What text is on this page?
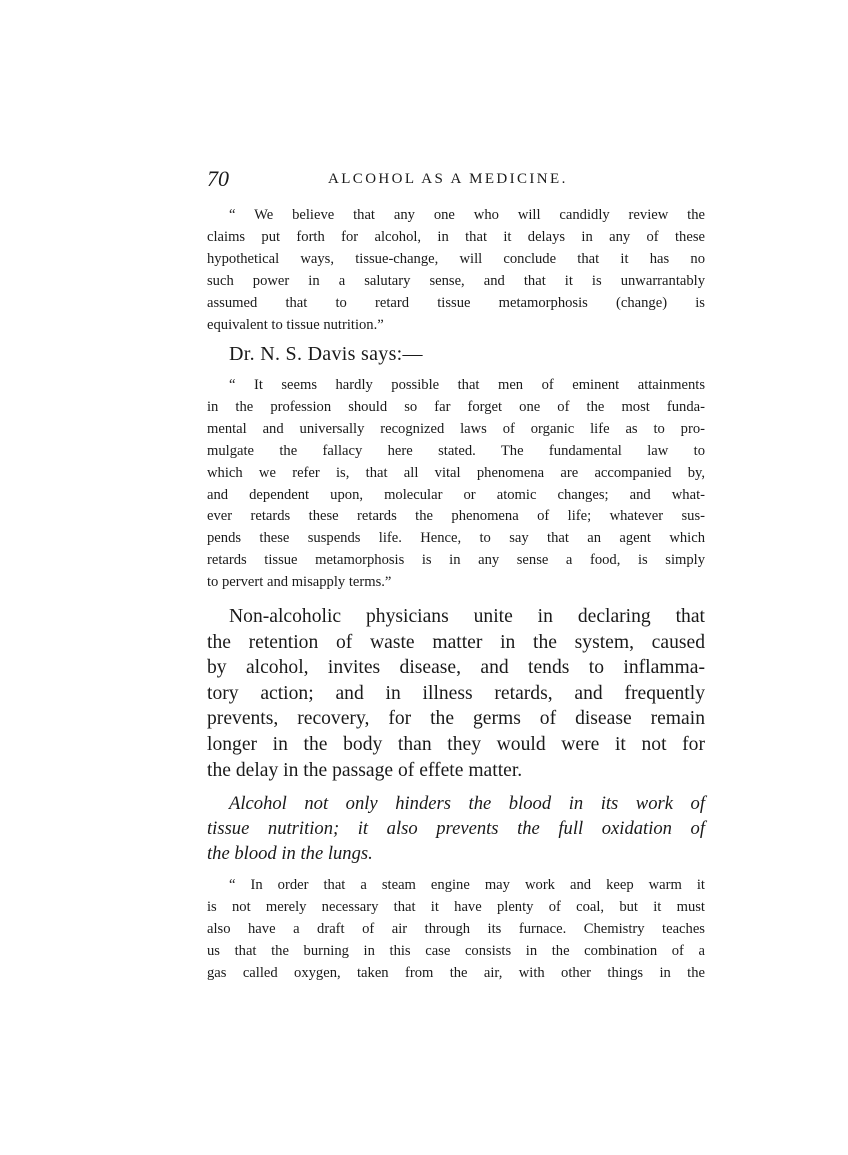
70	ALCOHOL AS A MEDICINE.
“ We believe that any one who will candidly review the
claims put forth for alcohol, in that it delays in any of these
hypothetical ways, tissue-change, will conclude that it has no
such power in a salutary sense, and that it is unwarrantably
assumed that to retard tissue metamorphosis (change) is
equivalent to tissue nutrition.”
Dr. N. S. Davis says:—
“ It seems hardly possible that men of eminent attainments
in the profession should so far forget one of the most funda-
mental and universally recognized laws of organic life as to pro-
mulgate the fallacy here stated. The fundamental law to
which we refer is, that all vital phenomena are accompanied by,
and dependent upon, molecular or atomic changes; and what-
ever retards these retards the phenomena of life; whatever sus-
pends these suspends life. Hence, to say that an agent which
retards tissue metamorphosis is in any sense a food, is simply
to pervert and misapply terms.”
Non-alcoholic physicians unite in declaring that
the retention of waste matter in the system, caused
by alcohol, invites disease, and tends to inflamma-
tory action; and in illness retards, and frequently
prevents, recovery, for the germs of disease remain
longer in the body than they would were it not for
the delay in the passage of effete matter.
Alcohol not only hinders the blood in its work of
tissue nutrition; it also prevents the full oxidation of
the blood in the lungs.
“ In order that a steam engine may work and keep warm it
is not merely necessary that it have plenty of coal, but it must
also have a draft of air through its furnace. Chemistry teaches
us that the burning in this case consists in the combination of a
gas called oxygen, taken from the air, with other things in the
